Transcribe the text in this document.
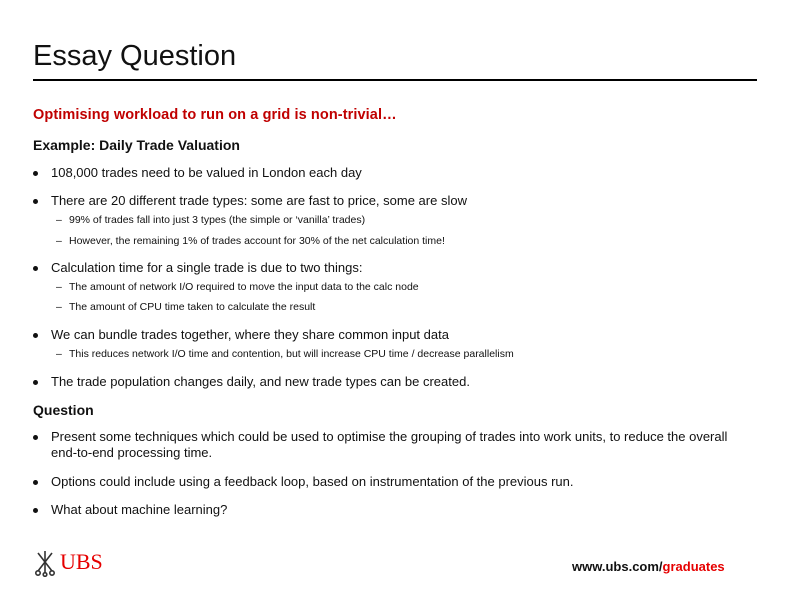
Essay Question
Optimising workload to run on a grid is non-trivial…
Example: Daily Trade Valuation
108,000 trades need to be valued in London each day
There are 20 different trade types: some are fast to price, some are slow
– 99% of trades fall into just 3 types (the simple or ‘vanilla’ trades)
– However, the remaining 1% of trades account for 30% of the net calculation time!
Calculation time for a single trade is due to two things:
– The amount of network I/O required to move the input data to the calc node
– The amount of CPU time taken to calculate the result
We can bundle trades together, where they share common input data
– This reduces network I/O time and contention, but will increase CPU time / decrease parallelism
The trade population changes daily, and new trade types can be created.
Question
Present some techniques which could be used to optimise the grouping of trades into work units, to reduce the overall end-to-end processing time.
Options could include using a feedback loop, based on instrumentation of the previous run.
What about machine learning?
UBS	www.ubs.com/graduates
